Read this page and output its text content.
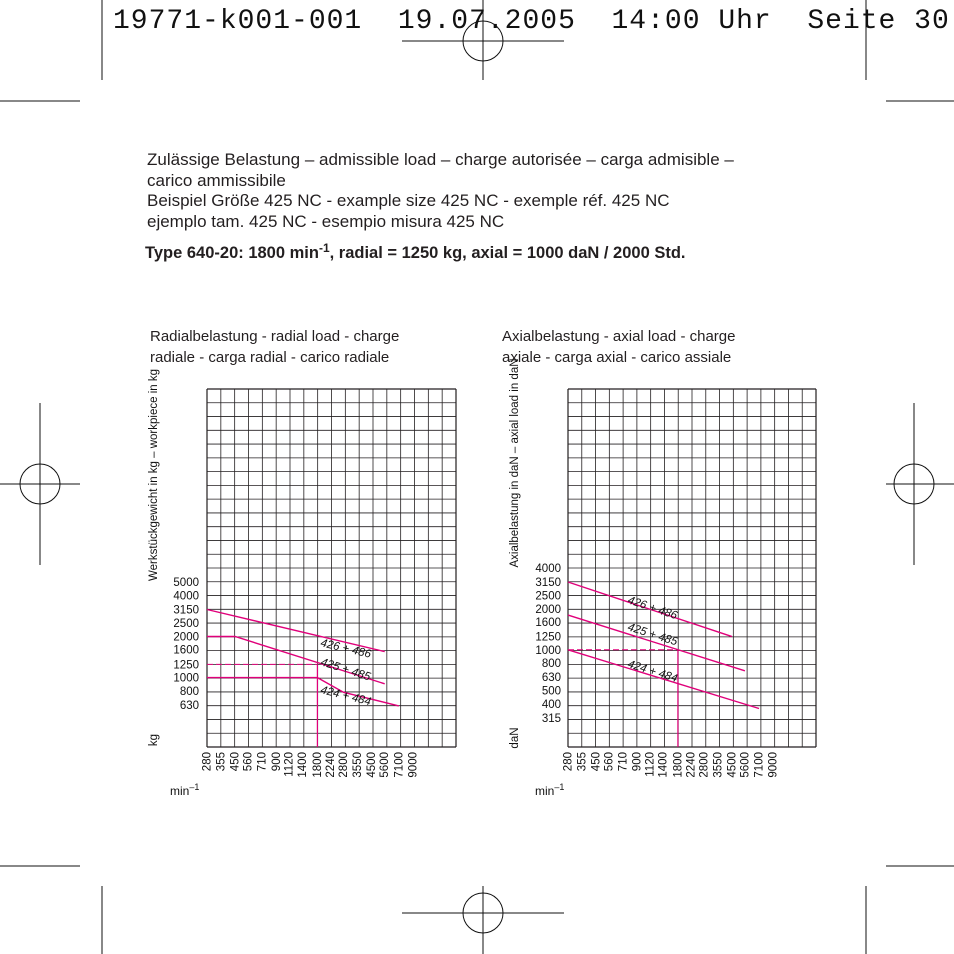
19771-k001-001 19.07.2005 14:00 Uhr Seite 30
Zulässige Belastung – admissible load – charge autorisée – carga admisible –
carico ammissibile
Beispiel Größe 425 NC - example size 425 NC - exemple réf. 425 NC
ejemplo tam. 425 NC - esempio misura 425 NC
Type 640-20: 1800 $\min^{-1}$, radial = 1250 kg, axial = 1000 daN / 2000 Std.
Radialbelastung - radial load - charge
radiale - carga radial - carico radiale
Axialbelastung - axial load - charge
axiale - carga axial - carico assiale
280 355 450 560 710 900 1120 1400 1800 2240 2800 3550 4500 5600 7100 9000
630
800
1000
1250
1600
2000
2500
3150
4000
5000
Werkstückgewicht in kg – workpiece in kg
kg
$\min^{-1}$
426 + 486
425 + 485
424 + 484
280 355 450 560 710 900 1120 1400 1800 2240 2800 3550 4500 5600 7100 9000
315
400
500
630
800
1000
1250
1600
2000
2500
3150
4000
Axialbelastung in daN – axial load in daN
daN
$\min^{-1}$
426 + 486
425 + 485
424 + 484
